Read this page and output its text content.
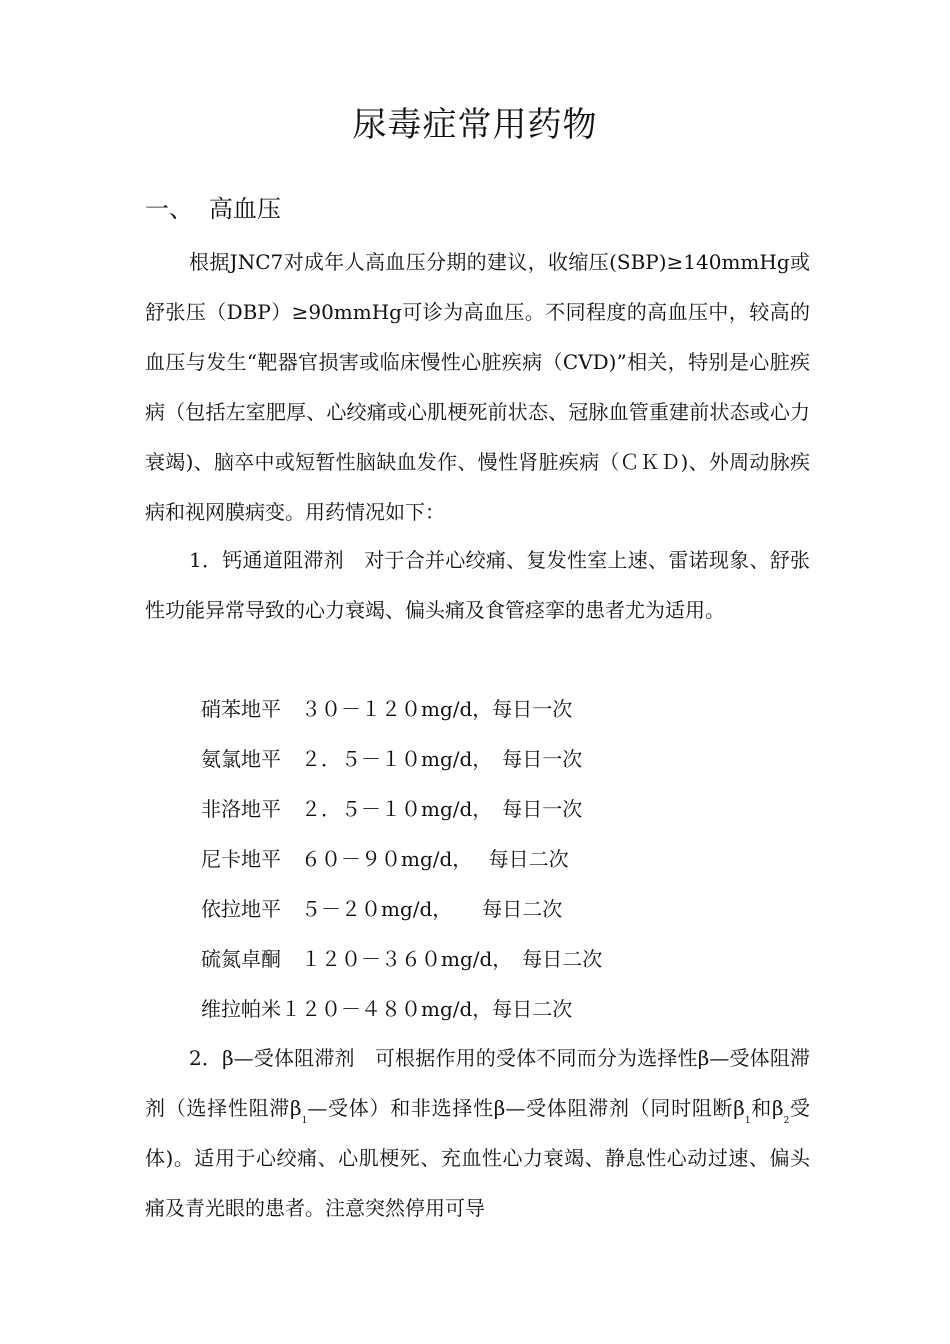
尿毒症常用药物
一、 高血压

根据JNC7对成年人高血压分期的建议，收缩压(SBP)≥140mmHg或舒张压（DBP）≥90mmHg可诊为高血压。不同程度的高血压中，较高的血压与发生“靶器官损害或临床慢性心脏疾病（CVD)”相关，特别是心脏疾病（包括左室肥厚、心绞痛或心肌梗死前状态、冠脉血管重建前状态或心力衰竭)、脑卒中或短暂性脑缺血发作、慢性肾脏疾病（ＣＫＤ)、外周动脉疾病和视网膜病变。用药情况如下：

1．钙通道阻滞剂　对于合并心绞痛、复发性室上速、雷诺现象、舒张性功能异常导致的心力衰竭、偏头痛及食管痉挛的患者尤为适用。

硝苯地平　３０－１２０mg/d，每日一次
氨氯地平　２．５－１０mg/d，　每日一次
非洛地平　２．５－１０mg/d，　每日一次
尼卡地平　６０－９０mg/d，　 每日二次
依拉地平　５－２０mg/d，　　每日二次
硫氮卓酮　１２０－３６０mg/d，　每日二次
维拉帕米１２０－４８０mg/d，每日二次

2．β—受体阻滞剂　可根据作用的受体不同而分为选择性β—受体阻滞剂（选择性阻滞$\beta_1—$受体）和非选择性β—受体阻滞剂（同时阻断$\beta_1$和$\beta_2$受体)。适用于心绞痛、心肌梗死、充血性心力衰竭、静息性心动过速、偏头痛及青光眼的患者。注意突然停用可导
